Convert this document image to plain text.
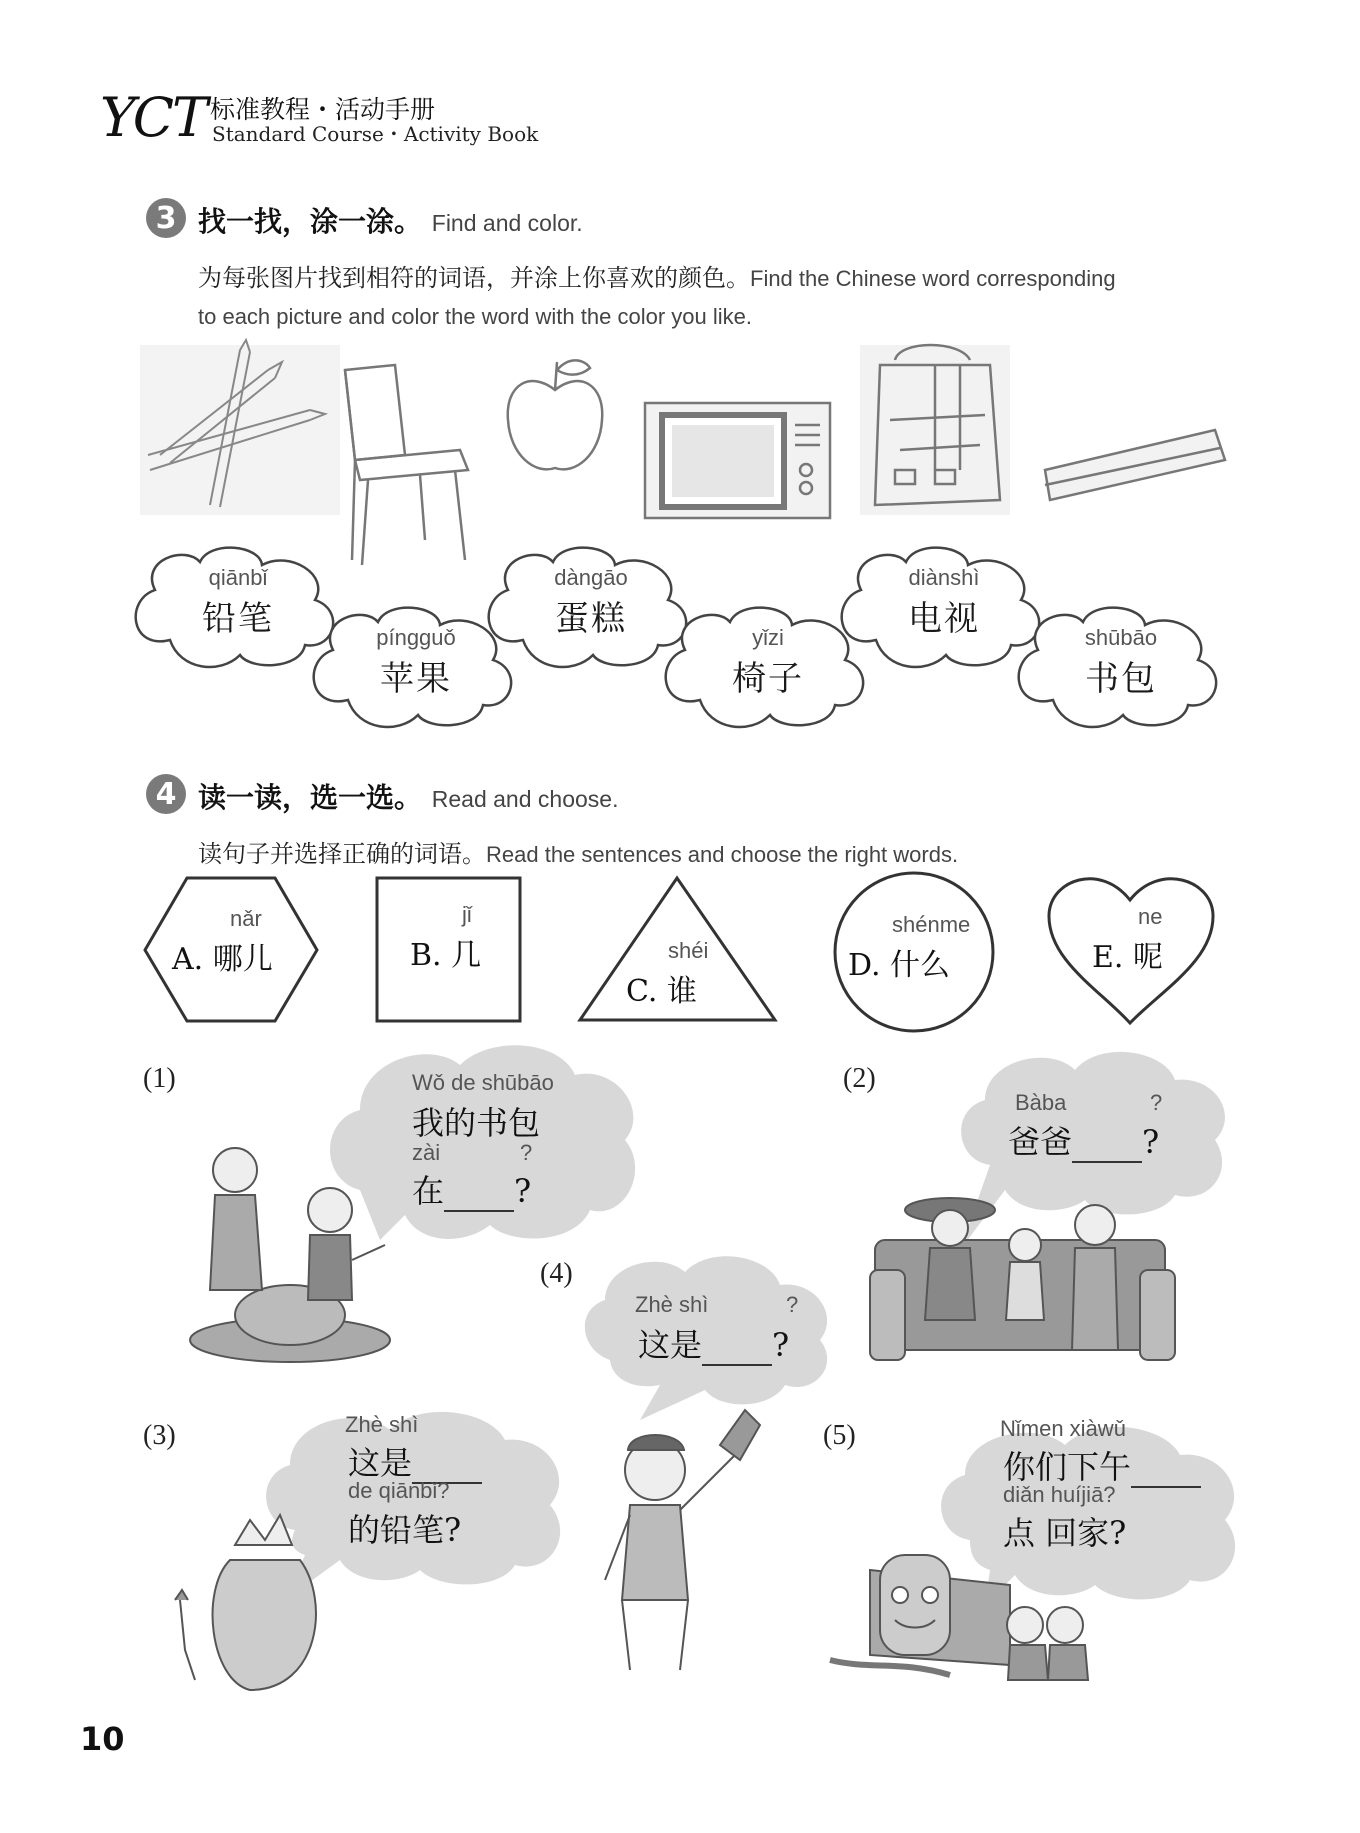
YCT 标准教程・活动手册
Standard Course・Activity Book
3 找一找，涂一涂。 Find and color.
为每张图片找到相符的词语，并涂上你喜欢的颜色。Find the Chinese word corresponding
to each picture and color the word with the color you like.
qiānbǐ
铅笔	píngguǒ
苹果
dàngāo
蛋糕	yǐzi
椅子
diànshì
电视	shūbāo
书包
4 读一读，选一选。 Read and choose.
读句子并选择正确的词语。Read the sentences and choose the right words.
nǎr
A. 哪儿
jǐ
B. 几	shéi
C. 谁
shénme
D. 什么
ne
E. 呢
(1)	(2)
(3)
(4)
(5)
Wǒ de shūbāo
我的书包
zài	?
在 ?
Bàba	?
爸爸 ?
Zhè shì	?
这是 ?
Zhè shì
这是
de qiānbǐ?
的铅笔?
Nǐmen xiàwǔ
你们下午
diǎn huíjiā?
点 回家?
10
